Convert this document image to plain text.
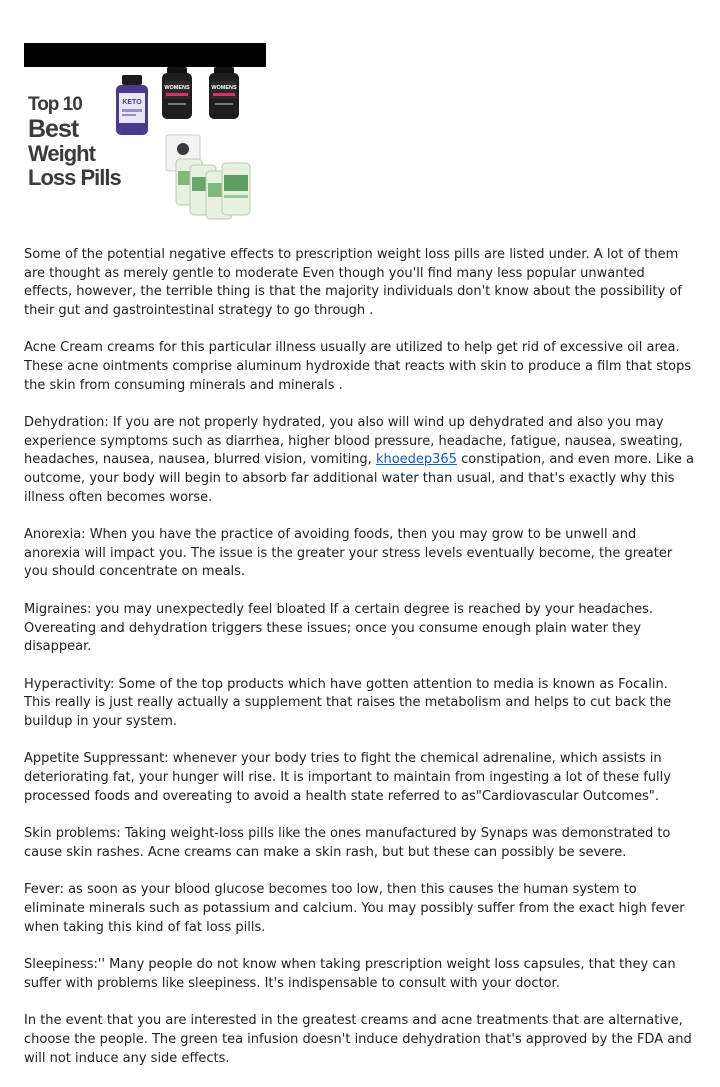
Top 10
Best
Weight
Loss Pills
KETO
WOMENS	WOMENS

Some of the potential negative effects to prescription weight loss pills are listed under. A lot of them are thought as merely gentle to moderate Even though you'll find many less popular unwanted effects, however, the terrible thing is that the majority individuals don't know about the possibility of their gut and gastrointestinal strategy to go through .

Acne Cream creams for this particular illness usually are utilized to help get rid of excessive oil area. These acne ointments comprise aluminum hydroxide that reacts with skin to produce a film that stops the skin from consuming minerals and minerals .

Dehydration: If you are not properly hydrated, you also will wind up dehydrated and also you may experience symptoms such as diarrhea, higher blood pressure, headache, fatigue, nausea, sweating, headaches, nausea, nausea, blurred vision, vomiting, khoedep365 constipation, and even more. Like a outcome, your body will begin to absorb far additional water than usual, and that's exactly why this illness often becomes worse.

Anorexia: When you have the practice of avoiding foods, then you may grow to be unwell and anorexia will impact you. The issue is the greater your stress levels eventually become, the greater you should concentrate on meals.

Migraines: you may unexpectedly feel bloated If a certain degree is reached by your headaches. Overeating and dehydration triggers these issues; once you consume enough plain water they disappear.

Hyperactivity: Some of the top products which have gotten attention to media is known as Focalin. This really is just really actually a supplement that raises the metabolism and helps to cut back the buildup in your system.

Appetite Suppressant: whenever your body tries to fight the chemical adrenaline, which assists in deteriorating fat, your hunger will rise. It is important to maintain from ingesting a lot of these fully processed foods and overeating to avoid a health state referred to as"Cardiovascular Outcomes".

Skin problems: Taking weight-loss pills like the ones manufactured by Synaps was demonstrated to cause skin rashes. Acne creams can make a skin rash, but but these can possibly be severe.

Fever: as soon as your blood glucose becomes too low, then this causes the human system to eliminate minerals such as potassium and calcium. You may possibly suffer from the exact high fever when taking this kind of fat loss pills.

Sleepiness:'' Many people do not know when taking prescription weight loss capsules, that they can suffer with problems like sleepiness. It's indispensable to consult with your doctor.

In the event that you are interested in the greatest creams and acne treatments that are alternative, choose the people. The green tea infusion doesn't induce dehydration that's approved by the FDA and will not induce any side effects.
